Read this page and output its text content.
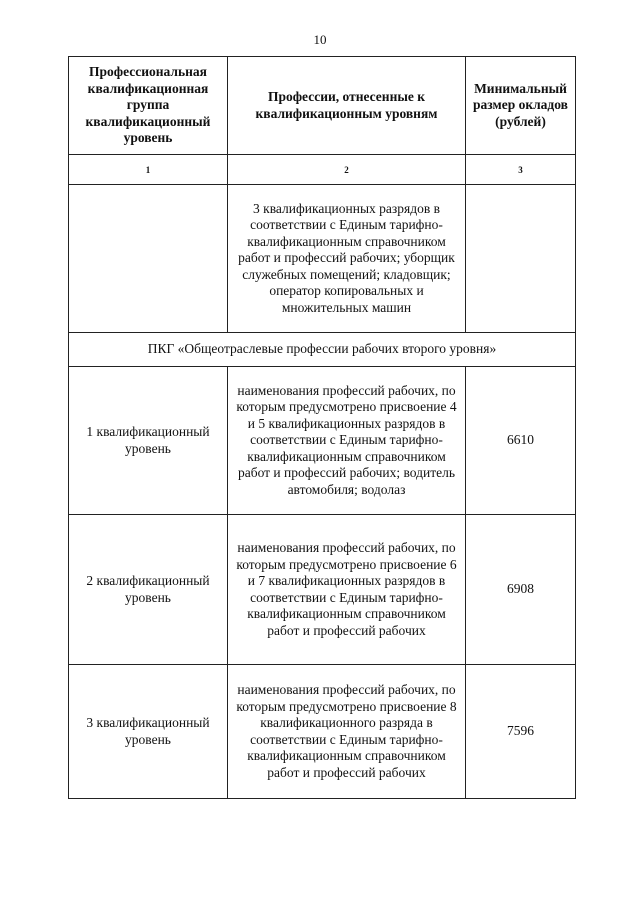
10
Профессиональная квалификационная группа квалификационный уровень	Профессии, отнесенные к квалификационным уровням	Минимальный размер окладов (рублей)
1	2	3
	3 квалификационных разрядов в соответствии с Единым тарифно-квалификационным справочником работ и профессий рабочих; уборщик служебных помещений; кладовщик; оператор копировальных и множительных машин	
ПКГ «Общеотраслевые профессии рабочих второго уровня»		
1 квалификационный уровень	наименования профессий рабочих, по которым предусмотрено присвоение 4 и 5 квалификационных разрядов в соответствии с Единым тарифно-квалификационным справочником работ и профессий рабочих; водитель автомобиля; водолаз	6610
2 квалификационный уровень	наименования профессий рабочих, по которым предусмотрено присвоение 6 и 7 квалификационных разрядов в соответствии с Единым тарифно-квалификационным справочником работ и профессий рабочих	6908
3 квалификационный уровень	наименования профессий рабочих, по которым предусмотрено присвоение 8 квалификационного разряда в соответствии с Единым тарифно-квалификационным справочником работ и профессий рабочих	7596
